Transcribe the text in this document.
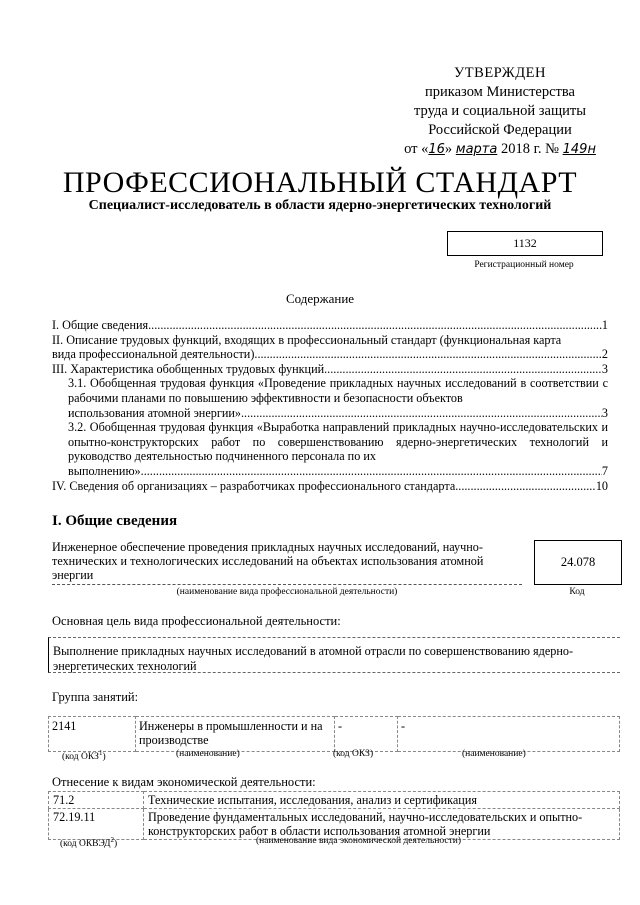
УТВЕРЖДЕН
приказом Министерства
труда и социальной защиты
Российской Федерации
от «16» марта 2018 г. № 149н
ПРОФЕССИОНАЛЬНЫЙ СТАНДАРТ
Специалист-исследователь в области ядерно-энергетических технологий
1132
Регистрационный номер
Содержание
I. Общие сведения .....	1
II. Описание трудовых функций, входящих в профессиональный стандарт (функциональная карта
вида профессиональной деятельности) .....	2
III. Характеристика обобщенных трудовых функций .....	3
3.1. Обобщенная трудовая функция «Проведение прикладных научных исследований в соответствии с рабочими планами по повышению эффективности и безопасности объектов
использования атомной энергии» .....	3
3.2. Обобщенная трудовая функция «Выработка направлений прикладных научно-исследовательских и опытно-конструкторских работ по совершенствованию ядерно-энергетических технологий и руководство деятельностью подчиненного персонала по их
выполнению» .....	7
IV. Сведения об организациях – разработчиках профессионального стандарта .....	10
I. Общие сведения
Инженерное обеспечение проведения прикладных научных исследований, научно-технических и технологических исследований на объектах использования атомной энергии
(наименование вида профессиональной деятельности)
24.078
Код
Основная цель вида профессиональной деятельности:
Выполнение прикладных научных исследований в атомной отрасли по совершенствованию ядерно-энергетических технологий
Группа занятий:
2141	Инженеры в промышленности и на производстве	-	-
(код ОКЗ$^1$)	(наименование)	(код ОКЗ)	(наименование)
Отнесение к видам экономической деятельности:
71.2	Технические испытания, исследования, анализ и сертификация
72.19.11	Проведение фундаментальных исследований, научно-исследовательских и опытно-конструкторских работ в области использования атомной энергии
(код ОКВЭД$^2$)	(наименование вида экономической деятельности)
